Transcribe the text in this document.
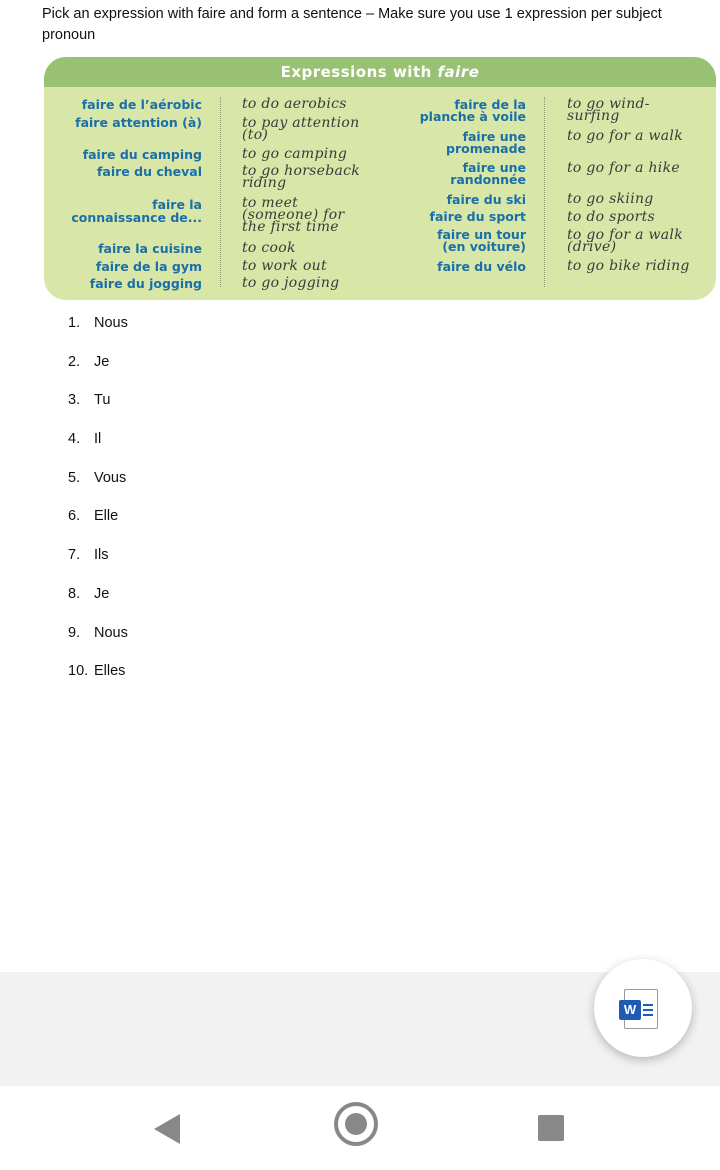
Pick an expression with faire and form a sentence – Make sure you use 1 expression per subject pronoun
Expressions with faire
faire de l’aérobic
faire attention (à)
faire du camping
faire du cheval
faire la connaissance de...
faire la cuisine
faire de la gym
faire du jogging
to do aerobics
to pay attention (to)
to go camping
to go horseback riding
to meet (someone) for the first time
to cook
to work out
to go jogging
faire de la planche à voile
faire une promenade
faire une randonnée
faire du ski
faire du sport
faire un tour (en voiture)
faire du vélo
to go wind-surfing
to go for a walk
to go for a hike
to go skiing
to do sports
to go for a walk (drive)
to go bike riding
1. Nous
2. Je
3. Tu
4. Il
5. Vous
6. Elle
7. Ils
8. Je
9. Nous
10. Elles
W
